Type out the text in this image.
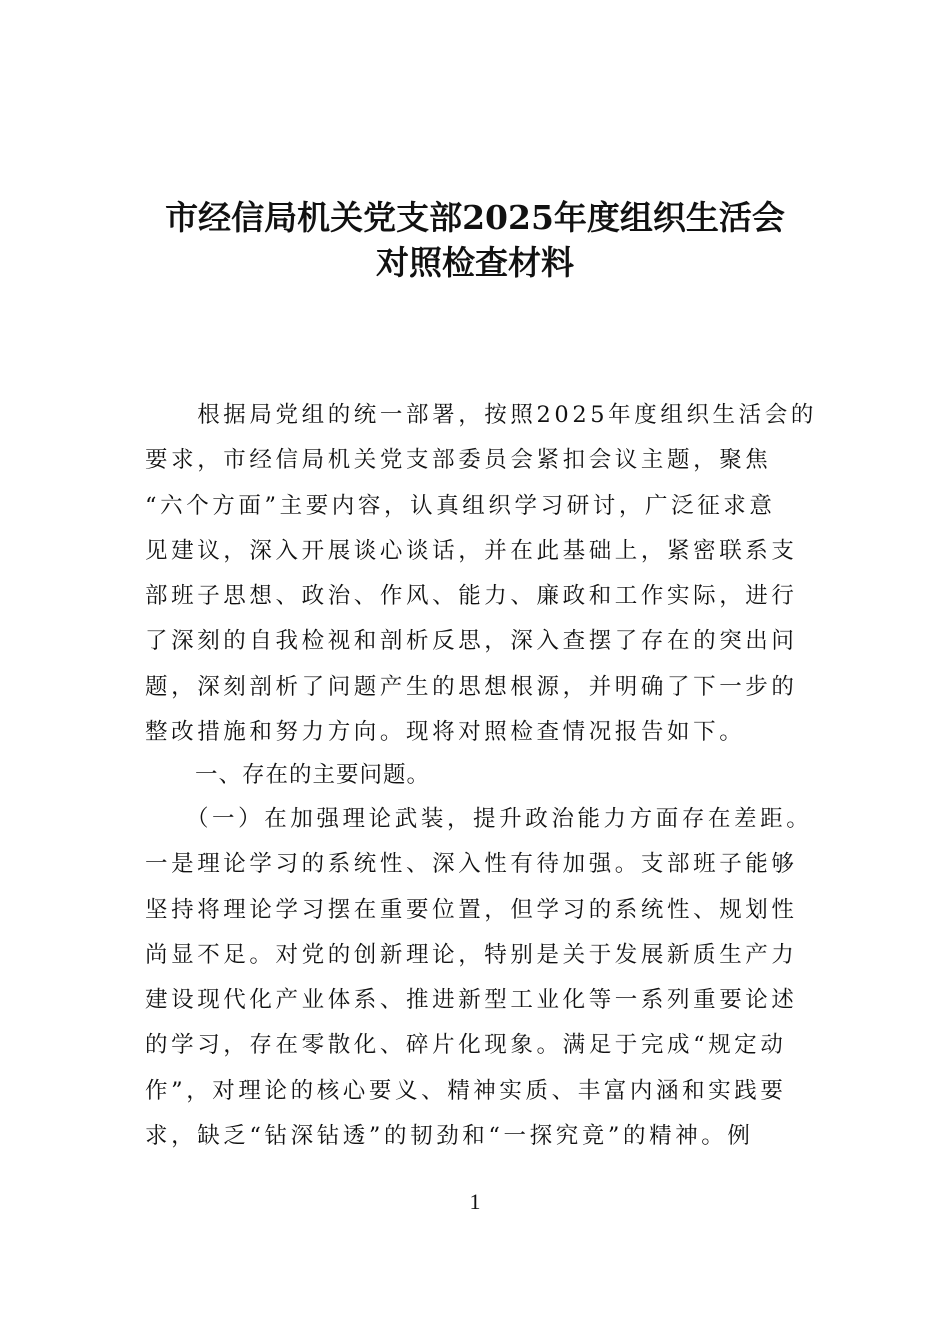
市经信局机关党支部2025年度组织生活会
对照检查材料
　　根据局党组的统一部署，按照2025年度组织生活会的
要求，市经信局机关党支部委员会紧扣会议主题，聚焦
“六个方面”主要内容，认真组织学习研讨，广泛征求意
见建议，深入开展谈心谈话，并在此基础上，紧密联系支
部班子思想、政治、作风、能力、廉政和工作实际，进行
了深刻的自我检视和剖析反思，深入查摆了存在的突出问
题，深刻剖析了问题产生的思想根源，并明确了下一步的
整改措施和努力方向。现将对照检查情况报告如下。
一、存在的主要问题。
　　（一）在加强理论武装，提升政治能力方面存在差距。
一是理论学习的系统性、深入性有待加强。支部班子能够
坚持将理论学习摆在重要位置，但学习的系统性、规划性
尚显不足。对党的创新理论，特别是关于发展新质生产力
建设现代化产业体系、推进新型工业化等一系列重要论述
的学习，存在零散化、碎片化现象。满足于完成“规定动
作”，对理论的核心要义、精神实质、丰富内涵和实践要
求，缺乏“钻深钻透”的韧劲和“一探究竟”的精神。例
1
